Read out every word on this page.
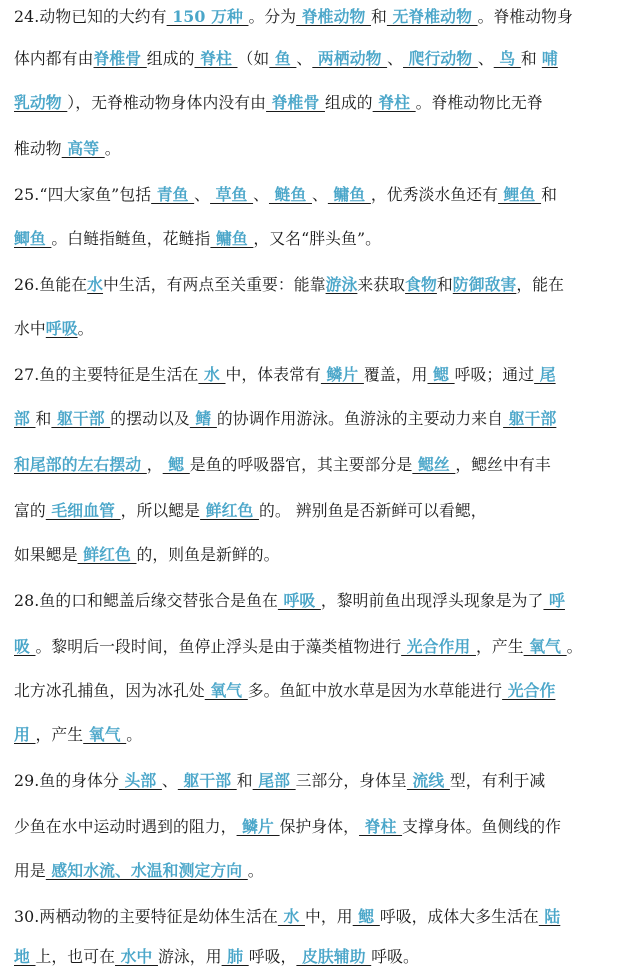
24.动物已知的大约有 150 万种 。分为 脊椎动物 和 无脊椎动物 。脊椎动物身
体内都有由脊椎骨 组成的 脊柱 （如 鱼 、 两栖动物 、 爬行动物 、 鸟 和 哺
乳动物 ），无脊椎动物身体内没有由 脊椎骨 组成的 脊柱 。脊椎动物比无脊
椎动物 高等 。
25.“四大家鱼”包括 青鱼 、 草鱼 、 鲢鱼 、 鳙鱼 ，优秀淡水鱼还有 鲤鱼 和
鲫鱼 。白鲢指鲢鱼，花鲢指 鳙鱼 ，又名“胖头鱼”。
26.鱼能在水中生活，有两点至关重要：能靠游泳来获取食物和防御敌害，能在
水中呼吸。
27.鱼的主要特征是生活在 水 中，体表常有 鳞片 覆盖，用 鳃 呼吸；通过 尾
部 和 躯干部 的摆动以及 鳍 的协调作用游泳。鱼游泳的主要动力来自 躯干部
和尾部的左右摆动 ， 鳃 是鱼的呼吸器官，其主要部分是 鳃丝 ，鳃丝中有丰
富的 毛细血管 ，所以鳃是 鲜红色 的。 辨别鱼是否新鲜可以看鳃，
如果鳃是 鲜红色 的，则鱼是新鲜的。
28.鱼的口和鳃盖后缘交替张合是鱼在 呼吸 ，黎明前鱼出现浮头现象是为了 呼
吸 。黎明后一段时间，鱼停止浮头是由于藻类植物进行 光合作用 ，产生 氧气 。
北方冰孔捕鱼，因为冰孔处 氧气 多。鱼缸中放水草是因为水草能进行 光合作
用 ，产生 氧气 。
29.鱼的身体分 头部 、 躯干部 和 尾部 三部分，身体呈 流线 型，有利于减
少鱼在水中运动时遇到的阻力， 鳞片 保护身体， 脊柱 支撑身体。鱼侧线的作
用是 感知水流、水温和测定方向 。
30.两栖动物的主要特征是幼体生活在 水 中，用 鳃 呼吸，成体大多生活在 陆
地 上，也可在 水中 游泳，用 肺 呼吸， 皮肤辅助 呼吸。
